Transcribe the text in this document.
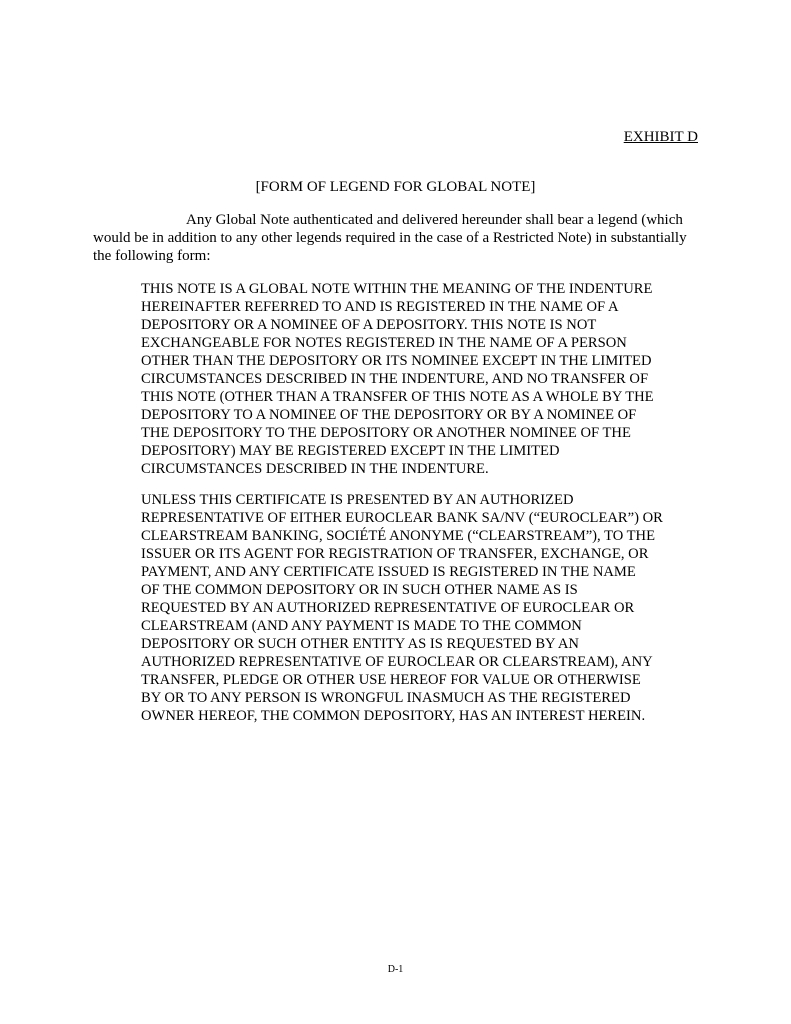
EXHIBIT D
[FORM OF LEGEND FOR GLOBAL NOTE]

Any Global Note authenticated and delivered hereunder shall bear a legend (which would be in addition to any other legends required in the case of a Restricted Note) in substantially the following form:

THIS NOTE IS A GLOBAL NOTE WITHIN THE MEANING OF THE INDENTURE
HEREINAFTER REFERRED TO AND IS REGISTERED IN THE NAME OF A
DEPOSITORY OR A NOMINEE OF A DEPOSITORY. THIS NOTE IS NOT
EXCHANGEABLE FOR NOTES REGISTERED IN THE NAME OF A PERSON
OTHER THAN THE DEPOSITORY OR ITS NOMINEE EXCEPT IN THE LIMITED
CIRCUMSTANCES DESCRIBED IN THE INDENTURE, AND NO TRANSFER OF
THIS NOTE (OTHER THAN A TRANSFER OF THIS NOTE AS A WHOLE BY THE
DEPOSITORY TO A NOMINEE OF THE DEPOSITORY OR BY A NOMINEE OF
THE DEPOSITORY TO THE DEPOSITORY OR ANOTHER NOMINEE OF THE
DEPOSITORY) MAY BE REGISTERED EXCEPT IN THE LIMITED
CIRCUMSTANCES DESCRIBED IN THE INDENTURE.

UNLESS THIS CERTIFICATE IS PRESENTED BY AN AUTHORIZED
REPRESENTATIVE OF EITHER EUROCLEAR BANK SA/NV (“EUROCLEAR”) OR
CLEARSTREAM BANKING, SOCIÉTÉ ANONYME (“CLEARSTREAM”), TO THE
ISSUER OR ITS AGENT FOR REGISTRATION OF TRANSFER, EXCHANGE, OR
PAYMENT, AND ANY CERTIFICATE ISSUED IS REGISTERED IN THE NAME
OF THE COMMON DEPOSITORY OR IN SUCH OTHER NAME AS IS
REQUESTED BY AN AUTHORIZED REPRESENTATIVE OF EUROCLEAR OR
CLEARSTREAM (AND ANY PAYMENT IS MADE TO THE COMMON
DEPOSITORY OR SUCH OTHER ENTITY AS IS REQUESTED BY AN
AUTHORIZED REPRESENTATIVE OF EUROCLEAR OR CLEARSTREAM), ANY
TRANSFER, PLEDGE OR OTHER USE HEREOF FOR VALUE OR OTHERWISE
BY OR TO ANY PERSON IS WRONGFUL INASMUCH AS THE REGISTERED
OWNER HEREOF, THE COMMON DEPOSITORY, HAS AN INTEREST HEREIN.

D-1
